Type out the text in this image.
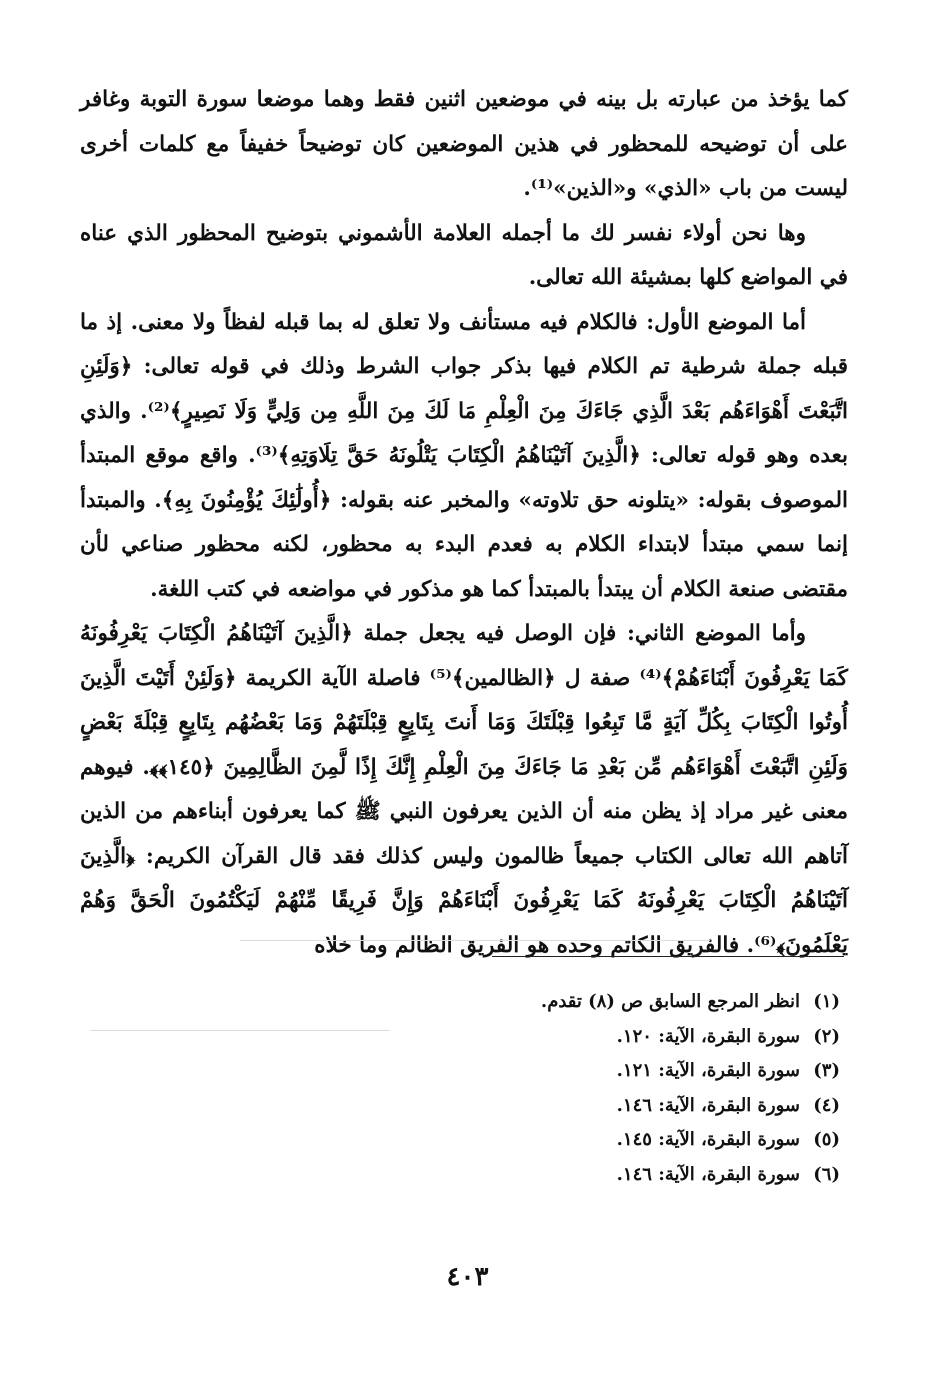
كما يؤخذ من عبارته بل بينه في موضعين اثنين فقط وهما موضعا سورة التوبة وغافر على أن توضيحه للمحظور في هذين الموضعين كان توضيحاً خفيفاً مع كلمات أخرى ليست من باب «الذي» و«الذين»⁽¹⁾.

وها نحن أولاء نفسر لك ما أجمله العلامة الأشموني بتوضيح المحظور الذي عناه في المواضع كلها بمشيئة الله تعالى.

أما الموضع الأول: فالكلام فيه مستأنف ولا تعلق له بما قبله لفظاً ولا معنى. إذ ما قبله جملة شرطية تم الكلام فيها بذكر جواب الشرط وذلك في قوله تعالى: ﴿وَلَئِنِ اتَّبَعْتَ أَهْوَاءَهُم بَعْدَ الَّذِي جَاءَكَ مِنَ الْعِلْمِ مَا لَكَ مِنَ اللَّهِ مِن وَلِيٍّ وَلَا نَصِيرٍ﴾⁽²⁾. والذي بعده وهو قوله تعالى: ﴿الَّذِينَ آتَيْنَاهُمُ الْكِتَابَ يَتْلُونَهُ حَقَّ تِلَاوَتِهِ﴾⁽³⁾. واقع موقع المبتدأ الموصوف بقوله: «يتلونه حق تلاوته» والمخبر عنه بقوله: ﴿أُولَٰئِكَ يُؤْمِنُونَ بِهِ﴾. والمبتدأ إنما سمي مبتدأ لابتداء الكلام به فعدم البدء به محظور، لكنه محظور صناعي لأن مقتضى صنعة الكلام أن يبتدأ بالمبتدأ كما هو مذكور في مواضعه في كتب اللغة.

وأما الموضع الثاني: فإن الوصل فيه يجعل جملة ﴿الَّذِينَ آتَيْنَاهُمُ الْكِتَابَ يَعْرِفُونَهُ كَمَا يَعْرِفُونَ أَبْنَاءَهُمْ﴾⁽⁴⁾ صفة ل ﴿الظالمين﴾⁽⁵⁾ فاصلة الآية الكريمة ﴿وَلَئِنْ أَتَيْتَ الَّذِينَ أُوتُوا الْكِتَابَ بِكُلِّ آيَةٍ مَّا تَبِعُوا قِبْلَتَكَ وَمَا أَنتَ بِتَابِعٍ قِبْلَتَهُمْ وَمَا بَعْضُهُم بِتَابِعٍ قِبْلَةَ بَعْضٍ وَلَئِنِ اتَّبَعْتَ أَهْوَاءَهُم مِّن بَعْدِ مَا جَاءَكَ مِنَ الْعِلْمِ إِنَّكَ إِذًا لَّمِنَ الظَّالِمِينَ ﴿١٤٥﴾﴾. فيوهم معنى غير مراد إذ يظن منه أن الذين يعرفون النبي ﷺ كما يعرفون أبناءهم من الذين آتاهم الله تعالى الكتاب جميعاً ظالمون وليس كذلك فقد قال القرآن الكريم: ﴿الَّذِينَ آتَيْنَاهُمُ الْكِتَابَ يَعْرِفُونَهُ كَمَا يَعْرِفُونَ أَبْنَاءَهُمْ وَإِنَّ فَرِيقًا مِّنْهُمْ لَيَكْتُمُونَ الْحَقَّ وَهُمْ يَعْلَمُونَ﴾⁽⁶⁾. فالفريق الكاتم وحده هو الفريق الظالم وما خلاه

(١)انظر المرجع السابق ص (٨) تقدم.
(٢)سورة البقرة، الآية: ١٢٠.
(٣)سورة البقرة، الآية: ١٢١.
(٤)سورة البقرة، الآية: ١٤٦.
(٥)سورة البقرة، الآية: ١٤٥.
(٦)سورة البقرة، الآية: ١٤٦.
٤٠٣
